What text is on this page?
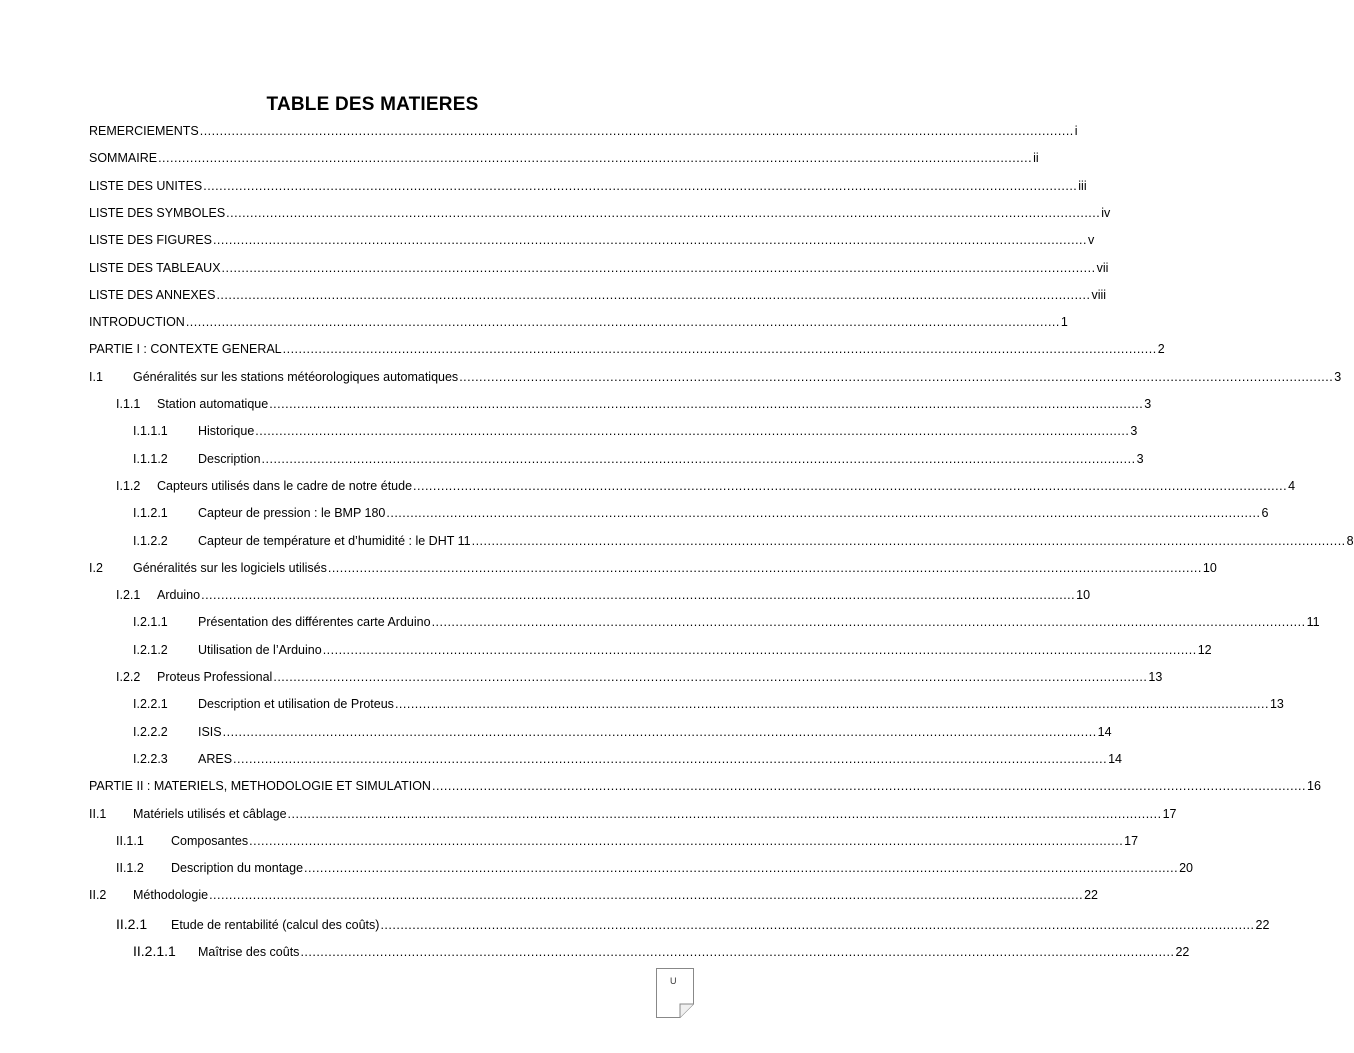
TABLE DES MATIERES
REMERCIEMENTS ............................................................................................................................................................................................................................ i
SOMMAIRE ............................................................................................................................................................................................................................ ii
LISTE DES UNITES ............................................................................................................................................................................................................................ iii
LISTE DES SYMBOLES ............................................................................................................................................................................................................................ iv
LISTE DES FIGURES ............................................................................................................................................................................................................................ v
LISTE DES TABLEAUX ............................................................................................................................................................................................................................ vii
LISTE DES ANNEXES ............................................................................................................................................................................................................................ viii
INTRODUCTION ............................................................................................................................................................................................................................ 1
PARTIE I : CONTEXTE GENERAL ............................................................................................................................................................................................................................ 2
I.1	Généralités sur les stations météorologiques automatiques ............................................................................................................................................................................................................................ 3
I.1.1	Station automatique ............................................................................................................................................................................................................................ 3
I.1.1.1	Historique ............................................................................................................................................................................................................................ 3
I.1.1.2	Description ............................................................................................................................................................................................................................ 3
I.1.2	Capteurs utilisés dans le cadre de notre étude ............................................................................................................................................................................................................................ 4
I.1.2.1	Capteur de pression : le BMP 180 ............................................................................................................................................................................................................................ 6
I.1.2.2	Capteur de température et d’humidité : le DHT 11 ............................................................................................................................................................................................................................ 8
I.2	Généralités sur les logiciels utilisés ............................................................................................................................................................................................................................ 10
I.2.1	Arduino ............................................................................................................................................................................................................................ 10
I.2.1.1	Présentation des différentes carte Arduino ............................................................................................................................................................................................................................ 11
I.2.1.2	Utilisation de l’Arduino ............................................................................................................................................................................................................................ 12
I.2.2	Proteus Professional ............................................................................................................................................................................................................................ 13
I.2.2.1	Description et utilisation de Proteus ............................................................................................................................................................................................................................ 13
I.2.2.2	ISIS ............................................................................................................................................................................................................................ 14
I.2.2.3	ARES ............................................................................................................................................................................................................................ 14
PARTIE II : MATERIELS, METHODOLOGIE ET SIMULATION ............................................................................................................................................................................................................................ 16
II.1	Matériels utilisés et câblage ............................................................................................................................................................................................................................ 17
II.1.1	Composantes ............................................................................................................................................................................................................................ 17
II.1.2	Description du montage ............................................................................................................................................................................................................................ 20
II.2	Méthodologie ............................................................................................................................................................................................................................ 22
II.2.1	Etude de rentabilité (calcul des coûts) ............................................................................................................................................................................................................................ 22
II.2.1.1	Maîtrise des coûts ............................................................................................................................................................................................................................ 22
U
